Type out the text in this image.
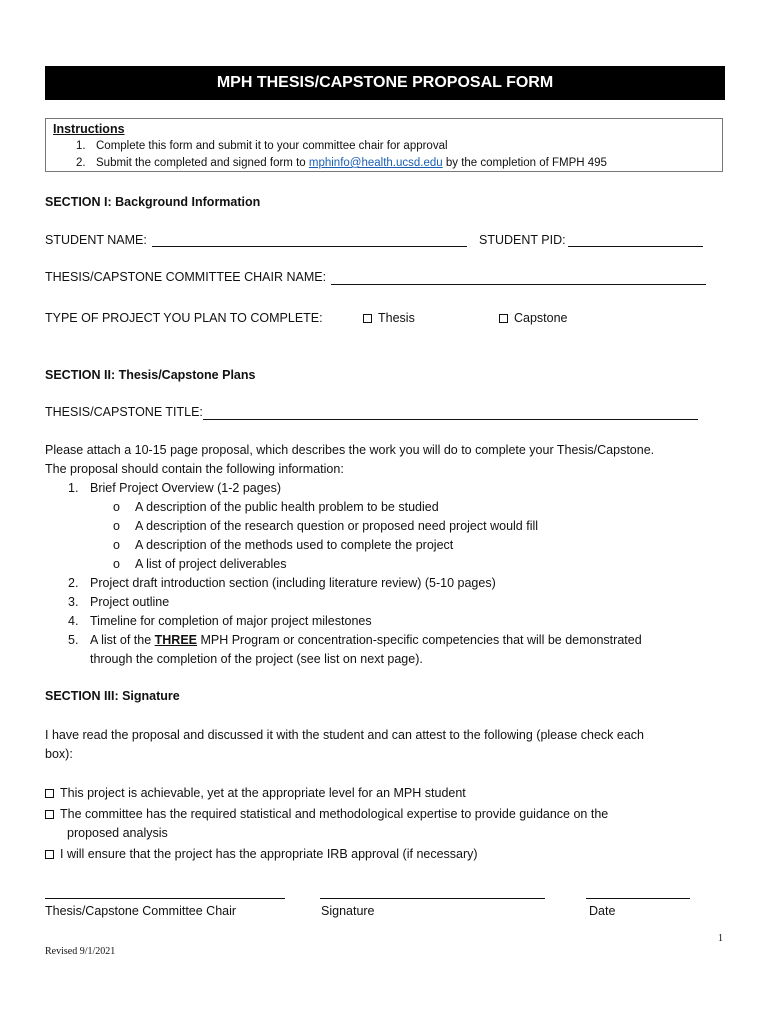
MPH THESIS/CAPSTONE PROPOSAL FORM
Instructions
1. Complete this form and submit it to your committee chair for approval
2. Submit the completed and signed form to mphinfo@health.ucsd.edu by the completion of FMPH 495
SECTION I: Background Information
STUDENT NAME:	STUDENT PID:
THESIS/CAPSTONE COMMITTEE CHAIR NAME:
TYPE OF PROJECT YOU PLAN TO COMPLETE:	Thesis	Capstone
SECTION II: Thesis/Capstone Plans
THESIS/CAPSTONE TITLE:
Please attach a 10-15 page proposal, which describes the work you will do to complete your Thesis/Capstone.
The proposal should contain the following information:
1. Brief Project Overview (1-2 pages)
o A description of the public health problem to be studied
o A description of the research question or proposed need project would fill
o A description of the methods used to complete the project
o A list of project deliverables
2. Project draft introduction section (including literature review) (5-10 pages)
3. Project outline
4. Timeline for completion of major project milestones
5. A list of the THREE MPH Program or concentration-specific competencies that will be demonstrated
through the completion of the project (see list on next page).
SECTION III: Signature
I have read the proposal and discussed it with the student and can attest to the following (please check each
box):
This project is achievable, yet at the appropriate level for an MPH student
The committee has the required statistical and methodological expertise to provide guidance on the
proposed analysis
I will ensure that the project has the appropriate IRB approval (if necessary)
Thesis/Capstone Committee Chair	Signature	Date
1
Revised 9/1/2021
